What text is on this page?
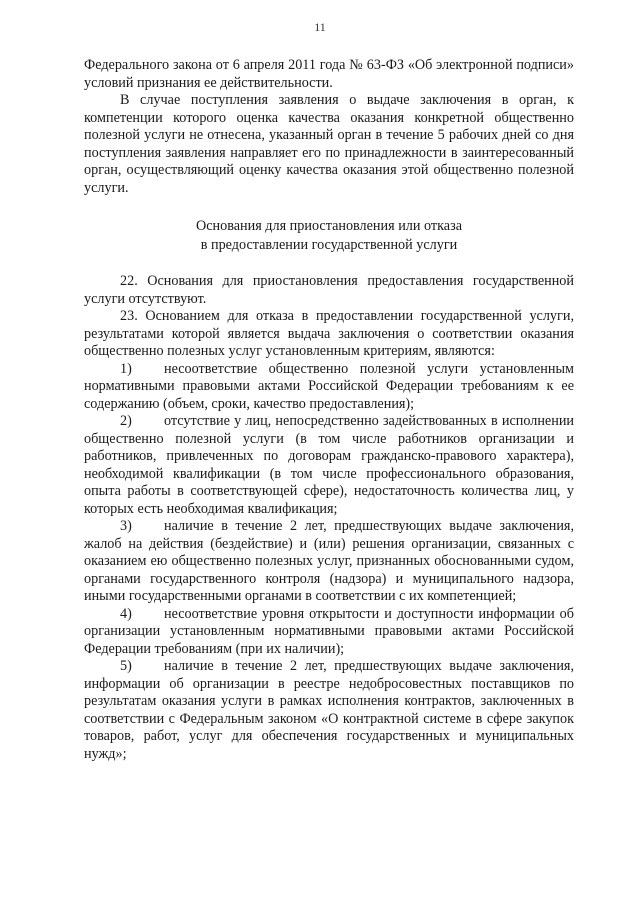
11

Федерального закона от 6 апреля 2011 года № 63-ФЗ «Об электронной подписи» условий признания ее действительности.

В случае поступления заявления о выдаче заключения в орган, к компетенции которого оценка качества оказания конкретной общественно полезной услуги не отнесена, указанный орган в течение 5 рабочих дней со дня поступления заявления направляет его по принадлежности в заинтересованный орган, осуществляющий оценку качества оказания этой общественно полезной услуги.

Основания для приостановления или отказа

в предоставлении государственной услуги

22. Основания для приостановления предоставления государственной услуги отсутствуют.

23. Основанием для отказа в предоставлении государственной услуги, результатами которой является выдача заключения о соответствии оказания общественно полезных услуг установленным критериям, являются:

1) несоответствие общественно полезной услуги установленным нормативными правовыми актами Российской Федерации требованиям к ее содержанию (объем, сроки, качество предоставления);

2) отсутствие у лиц, непосредственно задействованных в исполнении общественно полезной услуги (в том числе работников организации и работников, привлеченных по договорам гражданско-правового характера), необходимой квалификации (в том числе профессионального образования, опыта работы в соответствующей сфере), недостаточность количества лиц, у которых есть необходимая квалификация;

3) наличие в течение 2 лет, предшествующих выдаче заключения, жалоб на действия (бездействие) и (или) решения организации, связанных с оказанием ею общественно полезных услуг, признанных обоснованными судом, органами государственного контроля (надзора) и муниципального надзора, иными государственными органами в соответствии с их компетенцией;

4) несоответствие уровня открытости и доступности информации об организации установленным нормативными правовыми актами Российской Федерации требованиям (при их наличии);

5) наличие в течение 2 лет, предшествующих выдаче заключения, информации об организации в реестре недобросовестных поставщиков по результатам оказания услуги в рамках исполнения контрактов, заключенных в соответствии с Федеральным законом «О контрактной системе в сфере закупок товаров, работ, услуг для обеспечения государственных и муниципальных нужд»;
